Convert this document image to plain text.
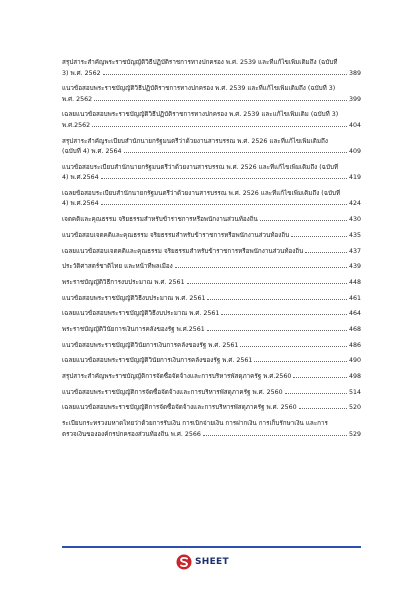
สรุปสาระสำคัญพระราชบัญญัติวิธีปฏิบัติราชการทางปกครอง พ.ศ. 2539 และที่แก้ไขเพิ่มเติมถึง (ฉบับที่
3) พ.ศ. 2562	389
แนวข้อสอบพระราชบัญญัติวิธีปฏิบัติราชการทางปกครอง พ.ศ. 2539 และที่แก้ไขเพิ่มเติมถึง (ฉบับที่ 3)
พ.ศ. 2562	399
เฉลยแนวข้อสอบพระราชบัญญัติวิธีปฏิบัติราชการทางปกครอง พ.ศ. 2539 และแก้ไขเพิ่มเติม (ฉบับที่ 3)
พ.ศ.2562	404
สรุปสาระสำคัญระเบียบสำนักนายกรัฐมนตรีว่าด้วยงานสารบรรณ พ.ศ. 2526 และที่แก้ไขเพิ่มเติมถึง
(ฉบับที่ 4) พ.ศ. 2564	409
แนวข้อสอบระเบียบสำนักนายกรัฐมนตรีว่าด้วยงานสารบรรณ พ.ศ. 2526 และที่แก้ไขเพิ่มเติมถึง (ฉบับที่
4) พ.ศ.2564	419
เฉลยข้อสอบระเบียบสำนักนายกรัฐมนตรีว่าด้วยงานสารบรรณ พ.ศ. 2526 และที่แก้ไขเพิ่มเติมถึง (ฉบับที่
4) พ.ศ.2564	424
เจตคติและคุณธรรม จริยธรรมสำหรับข้าราชการหรือพนักงานส่วนท้องถิ่น	430
แนวข้อสอบเจตคติและคุณธรรม จริยธรรมสำหรับข้าราชการหรือพนักงานส่วนท้องถิ่น	435
เฉลยแนวข้อสอบเจตคติและคุณธรรม จริยธรรมสำหรับข้าราชการหรือพนักงานส่วนท้องถิ่น	437
ประวัติศาสตร์ชาติไทย และหน้าที่พลเมือง	439
พระราชบัญญัติวิธีการงบประมาณ พ.ศ. 2561	448
แนวข้อสอบพระราชบัญญัติวิธีงบประมาณ พ.ศ. 2561	461
เฉลยแนวข้อสอบพระราชบัญญัติวิธีงบประมาณ พ.ศ. 2561	464
พระราชบัญญัติวินัยการเงินการคลังของรัฐ พ.ศ.2561	468
แนวข้อสอบพระราชบัญญัติวินัยการเงินการคลังของรัฐ พ.ศ. 2561	486
เฉลยแนวข้อสอบพระราชบัญญัติวินัยการเงินการคลังของรัฐ พ.ศ. 2561	490
สรุปสาระสำคัญพระราชบัญญัติการจัดซื้อจัดจ้างและการบริหารพัสดุภาครัฐ พ.ศ.2560	498
แนวข้อสอบพระราชบัญญัติการจัดซื้อจัดจ้างและการบริหารพัสดุภาครัฐ พ.ศ. 2560	514
เฉลยแนวข้อสอบพระราชบัญญัติการจัดซื้อจัดจ้างและการบริหารพัสดุภาครัฐ พ.ศ. 2560	520
ระเบียบกระทรวงมหาดไทยว่าด้วยการรับเงิน การเบิกจ่ายเงิน การฝากเงิน การเก็บรักษาเงิน และการ
ตรวจเงินขององค์กรปกครองส่วนท้องถิ่น พ.ศ. 2566	529
SHEET
